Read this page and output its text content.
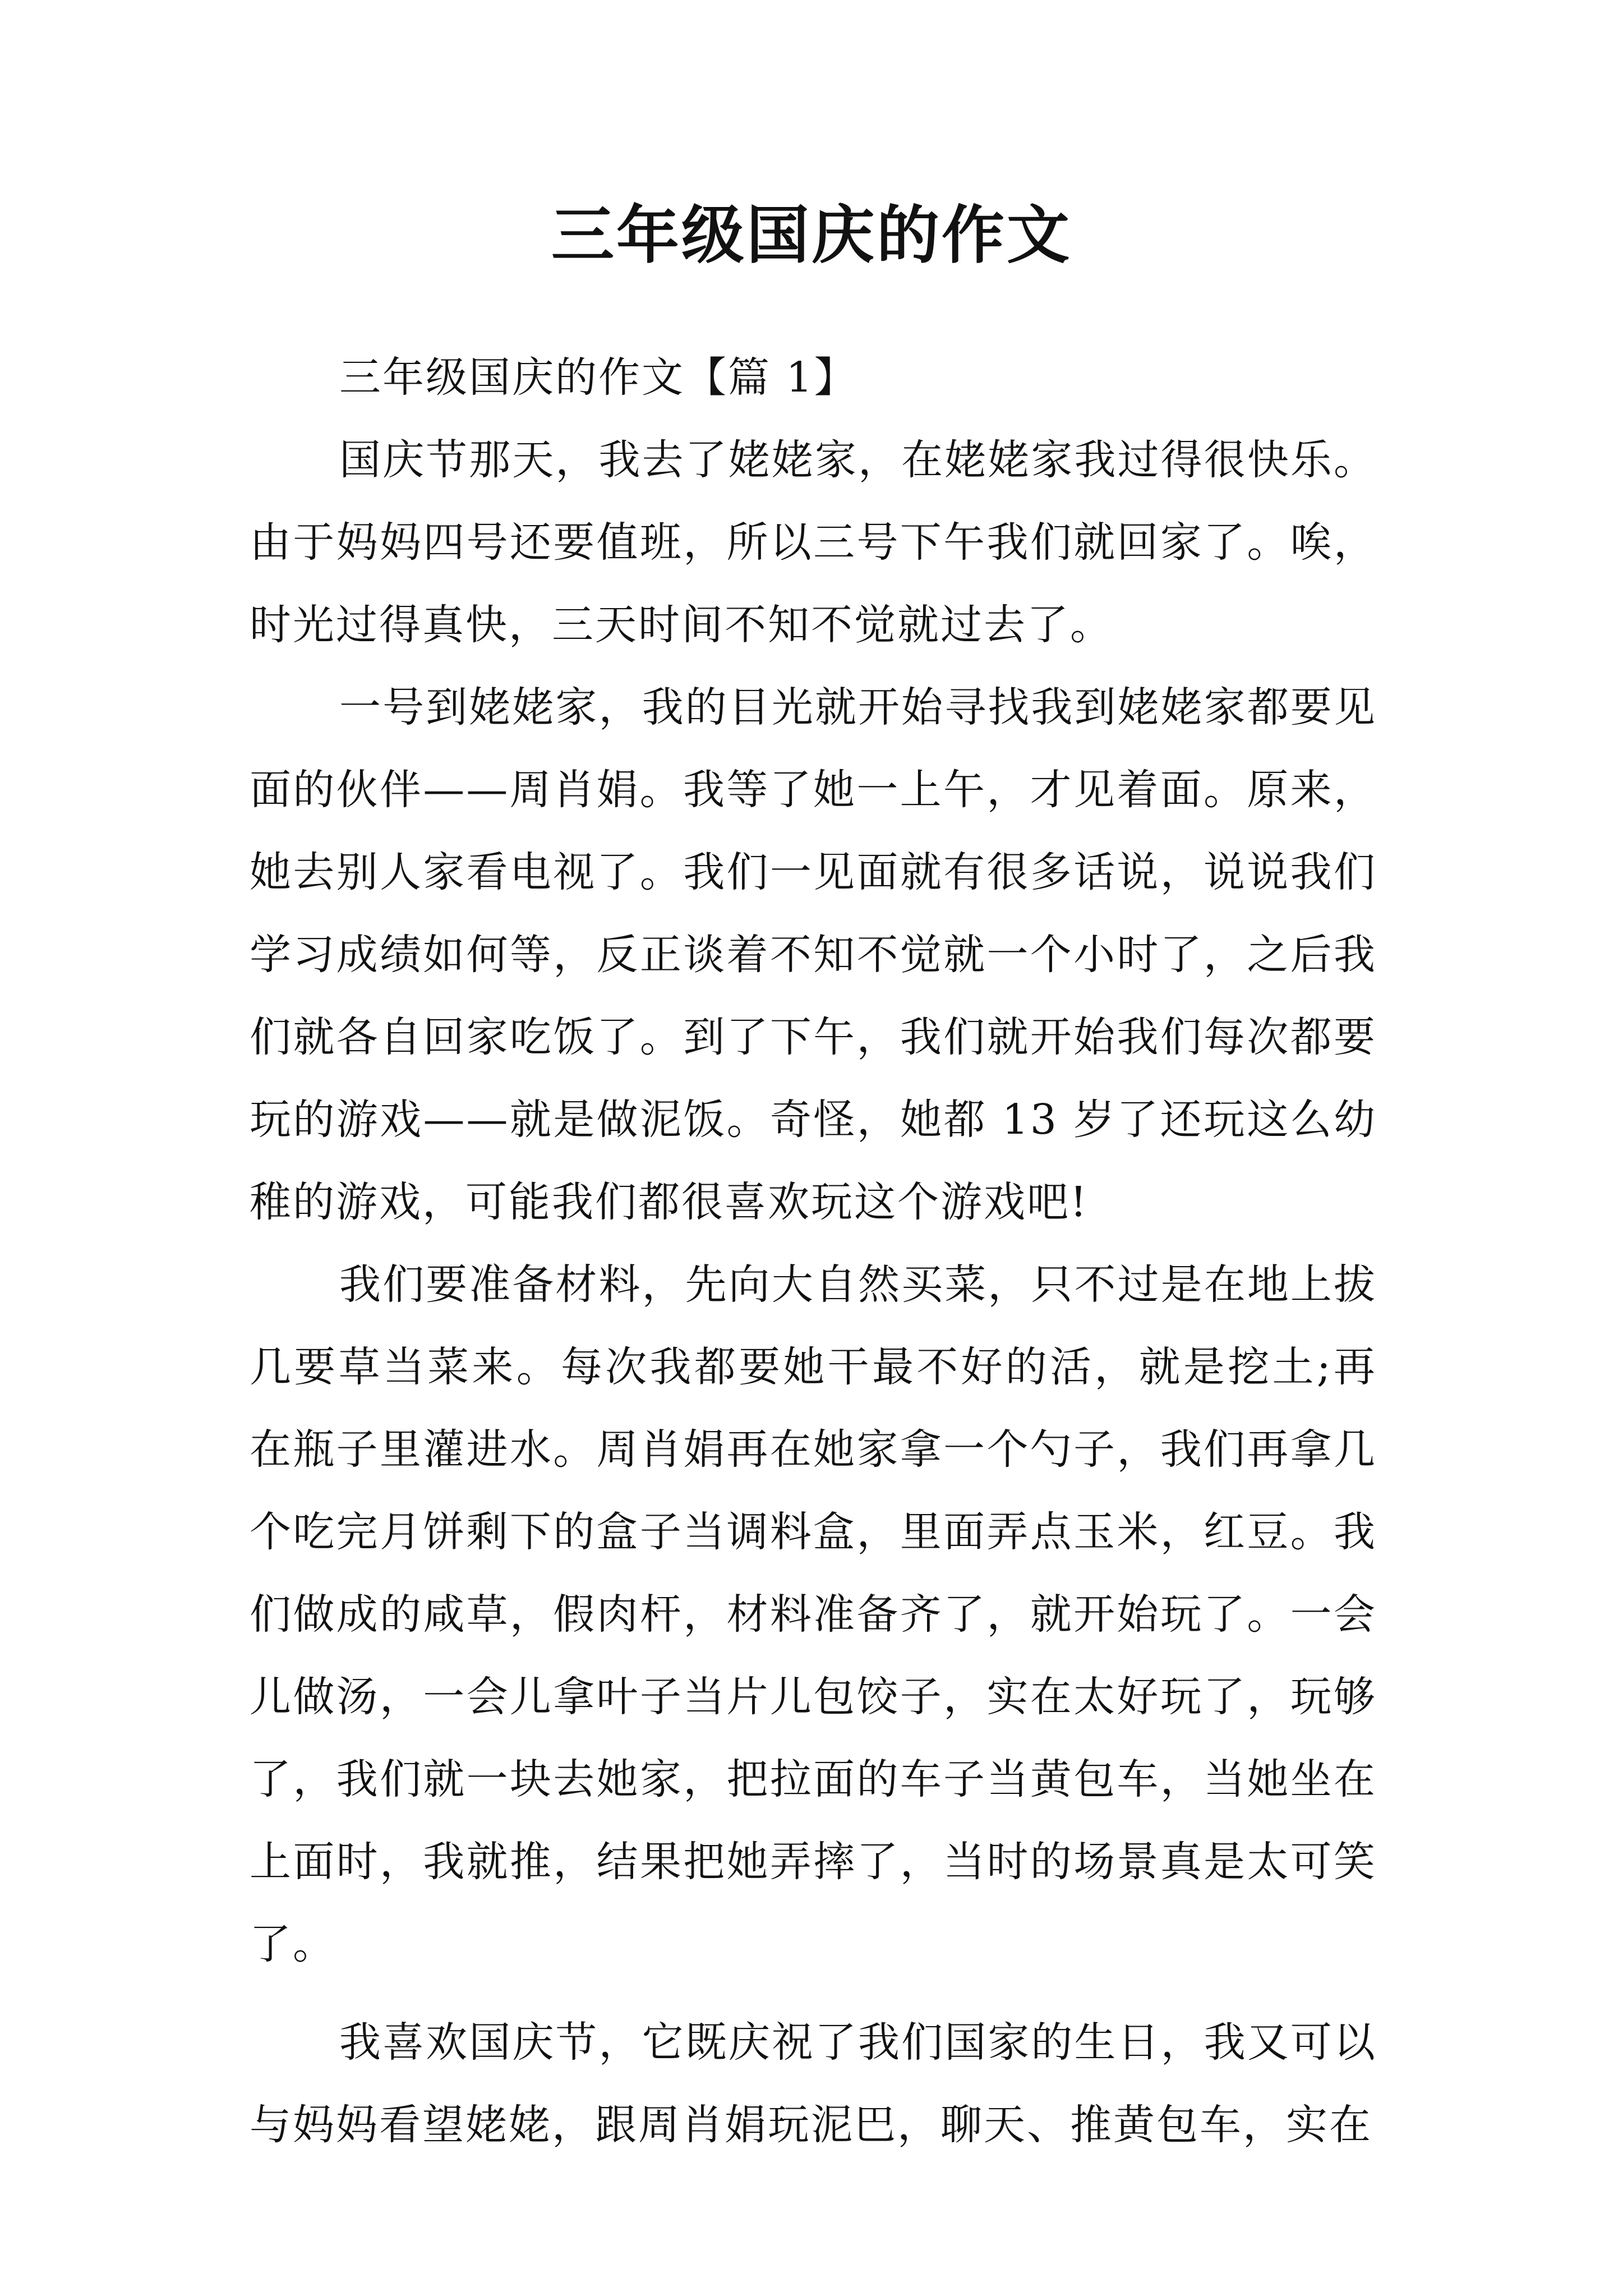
三年级国庆的作文

三年级国庆的作文【篇 1】

国庆节那天，我去了姥姥家，在姥姥家我过得很快乐。由于妈妈四号还要值班，所以三号下午我们就回家了。唉，时光过得真快，三天时间不知不觉就过去了。

一号到姥姥家，我的目光就开始寻找我到姥姥家都要见面的伙伴——周肖娟。我等了她一上午，才见着面。原来，她去别人家看电视了。我们一见面就有很多话说，说说我们学习成绩如何等，反正谈着不知不觉就一个小时了，之后我们就各自回家吃饭了。到了下午，我们就开始我们每次都要玩的游戏——就是做泥饭。奇怪，她都 13 岁了还玩这么幼稚的游戏，可能我们都很喜欢玩这个游戏吧!

我们要准备材料，先向大自然买菜，只不过是在地上拔几要草当菜来。每次我都要她干最不好的活，就是挖土;再在瓶子里灌进水。周肖娟再在她家拿一个勺子，我们再拿几个吃完月饼剩下的盒子当调料盒，里面弄点玉米，红豆。我们做成的咸草，假肉杆，材料准备齐了，就开始玩了。一会儿做汤，一会儿拿叶子当片儿包饺子，实在太好玩了，玩够了，我们就一块去她家，把拉面的车子当黄包车，当她坐在上面时，我就推，结果把她弄摔了，当时的场景真是太可笑了。

我喜欢国庆节，它既庆祝了我们国家的生日，我又可以与妈妈看望姥姥，跟周肖娟玩泥巴，聊天、推黄包车，实在
